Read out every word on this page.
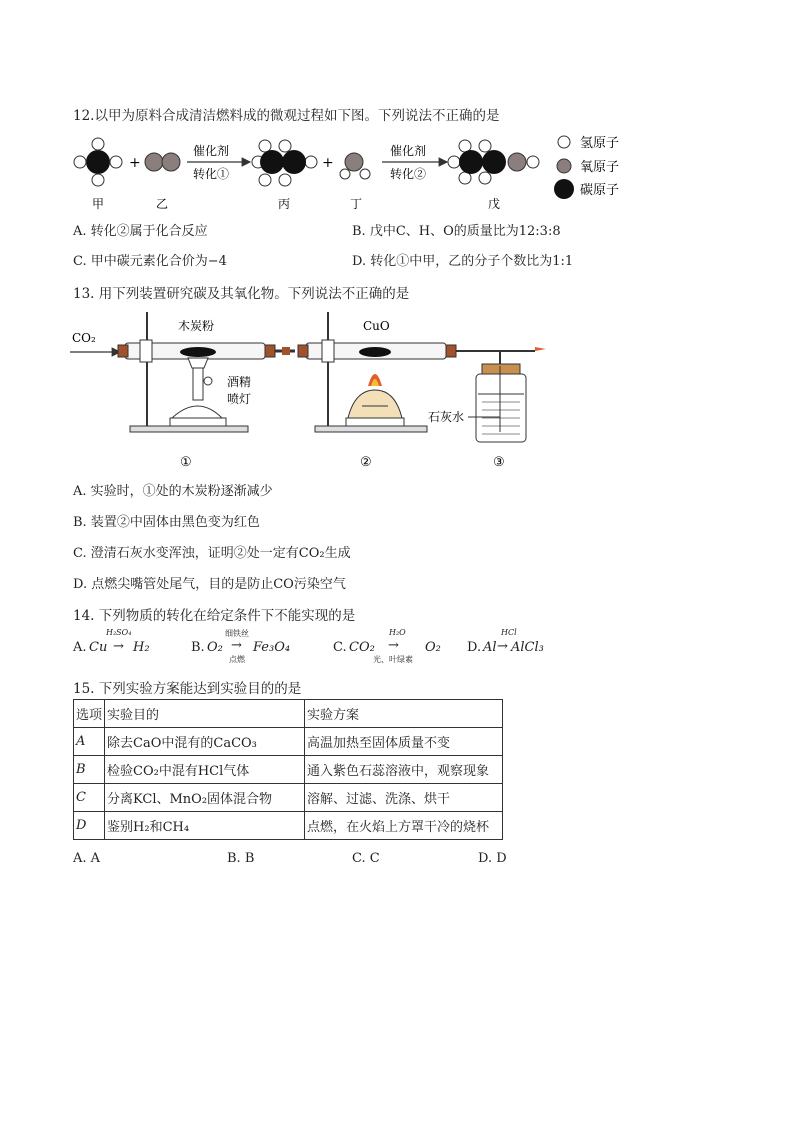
12.以甲为原料合成清洁燃料成的微观过程如下图。下列说法不正确的是
+
催化剂
转化①
+
催化剂
转化②
氢原子
氧原子
碳原子
甲	乙	丙	丁	戊
A. 转化②属于化合反应	B. 戊中C、H、O的质量比为12:3:8
C. 甲中碳元素化合价为−4	D. 转化①中甲，乙的分子个数比为1:1
13. 用下列装置研究碳及其氧化物。下列说法不正确的是
CO₂
木炭粉
酒精
喷灯
CuO
石灰水
①	②	③
A. 实验时，①处的木炭粉逐渐减少
B. 装置②中固体由黑色变为红色
C. 澄清石灰水变浑浊，证明②处一定有CO₂生成
D. 点燃尖嘴管处尾气，目的是防止CO污染空气
14. 下列物质的转化在给定条件下不能实现的是
H₂SO₄
A. Cu → H₂
细铁丝
B. O₂ →
点燃
Fe₃O₄
H₂O
C. CO₂ →
光、叶绿素
O₂
HCl
D. Al → AlCl₃
15. 下列实验方案能达到实验目的的是
选项	实验目的	实验方案
A	除去CaO中混有的CaCO₃	高温加热至固体质量不变
B	检验CO₂中混有HCl气体	通入紫色石蕊溶液中，观察现象
C	分离KCl、MnO₂固体混合物	溶解、过滤、洗涤、烘干
D	鉴别H₂和CH₄	点燃，在火焰上方罩干冷的烧杯
A. A	B. B	C. C	D. D
